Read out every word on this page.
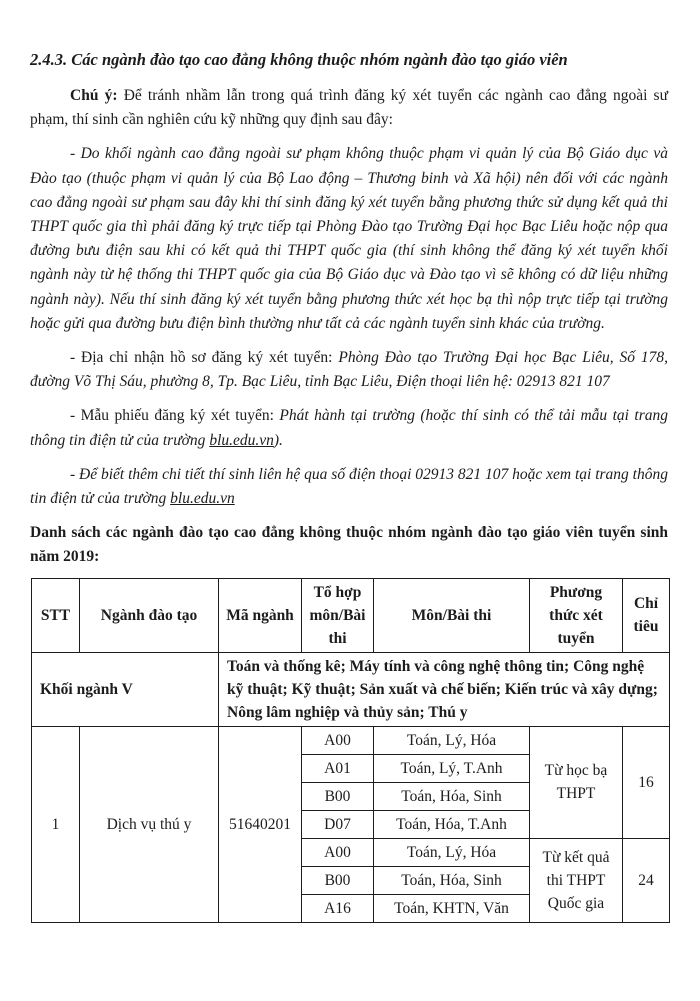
2.4.3. Các ngành đào tạo cao đẳng không thuộc nhóm ngành đào tạo giáo viên

Chú ý: Để tránh nhầm lẫn trong quá trình đăng ký xét tuyển các ngành cao đẳng ngoài sư phạm, thí sinh cần nghiên cứu kỹ những quy định sau đây:

- Do khối ngành cao đẳng ngoài sư phạm không thuộc phạm vi quản lý của Bộ Giáo dục và Đào tạo (thuộc phạm vi quản lý của Bộ Lao động – Thương binh và Xã hội) nên đối với các ngành cao đẳng ngoài sư phạm sau đây khi thí sinh đăng ký xét tuyển bằng phương thức sử dụng kết quả thi THPT quốc gia thì phải đăng ký trực tiếp tại Phòng Đào tạo Trường Đại học Bạc Liêu hoặc nộp qua đường bưu điện sau khi có kết quả thi THPT quốc gia (thí sinh không thể đăng ký xét tuyển khối ngành này từ hệ thống thi THPT quốc gia của Bộ Giáo dục và Đào tạo vì sẽ không có dữ liệu những ngành này). Nếu thí sinh đăng ký xét tuyển bằng phương thức xét học bạ thì nộp trực tiếp tại trường hoặc gửi qua đường bưu điện bình thường như tất cả các ngành tuyển sinh khác của trường.

- Địa chỉ nhận hồ sơ đăng ký xét tuyển: Phòng Đào tạo Trường Đại học Bạc Liêu, Số 178, đường Võ Thị Sáu, phường 8, Tp. Bạc Liêu, tỉnh Bạc Liêu, Điện thoại liên hệ: 02913 821 107

- Mẫu phiếu đăng ký xét tuyển: Phát hành tại trường (hoặc thí sinh có thể tải mẫu tại trang thông tin điện tử của trường blu.edu.vn).

- Để biết thêm chi tiết thí sinh liên hệ qua số điện thoại 02913 821 107 hoặc xem tại trang thông tin điện tử của trường blu.edu.vn

Danh sách các ngành đào tạo cao đẳng không thuộc nhóm ngành đào tạo giáo viên tuyển sinh năm 2019:

STT	Ngành đào tạo	Mã ngành	Tổ hợp môn/Bài thi	Môn/Bài thi	Phương thức xét tuyển	Chỉ tiêu
Khối ngành V		Toán và thống kê; Máy tính và công nghệ thông tin; Công nghệ kỹ thuật; Kỹ thuật; Sản xuất và chế biến; Kiến trúc và xây dựng; Nông lâm nghiệp và thủy sản; Thú y				
1	Dịch vụ thú y	51640201	A00	Toán, Lý, Hóa	Từ học bạ THPT	16
			A01	Toán, Lý, T.Anh		
			B00	Toán, Hóa, Sinh		
			D07	Toán, Hóa, T.Anh		
			A00	Toán, Lý, Hóa	Từ kết quả thi THPT Quốc gia	24
			B00	Toán, Hóa, Sinh		
			A16	Toán, KHTN, Văn		
